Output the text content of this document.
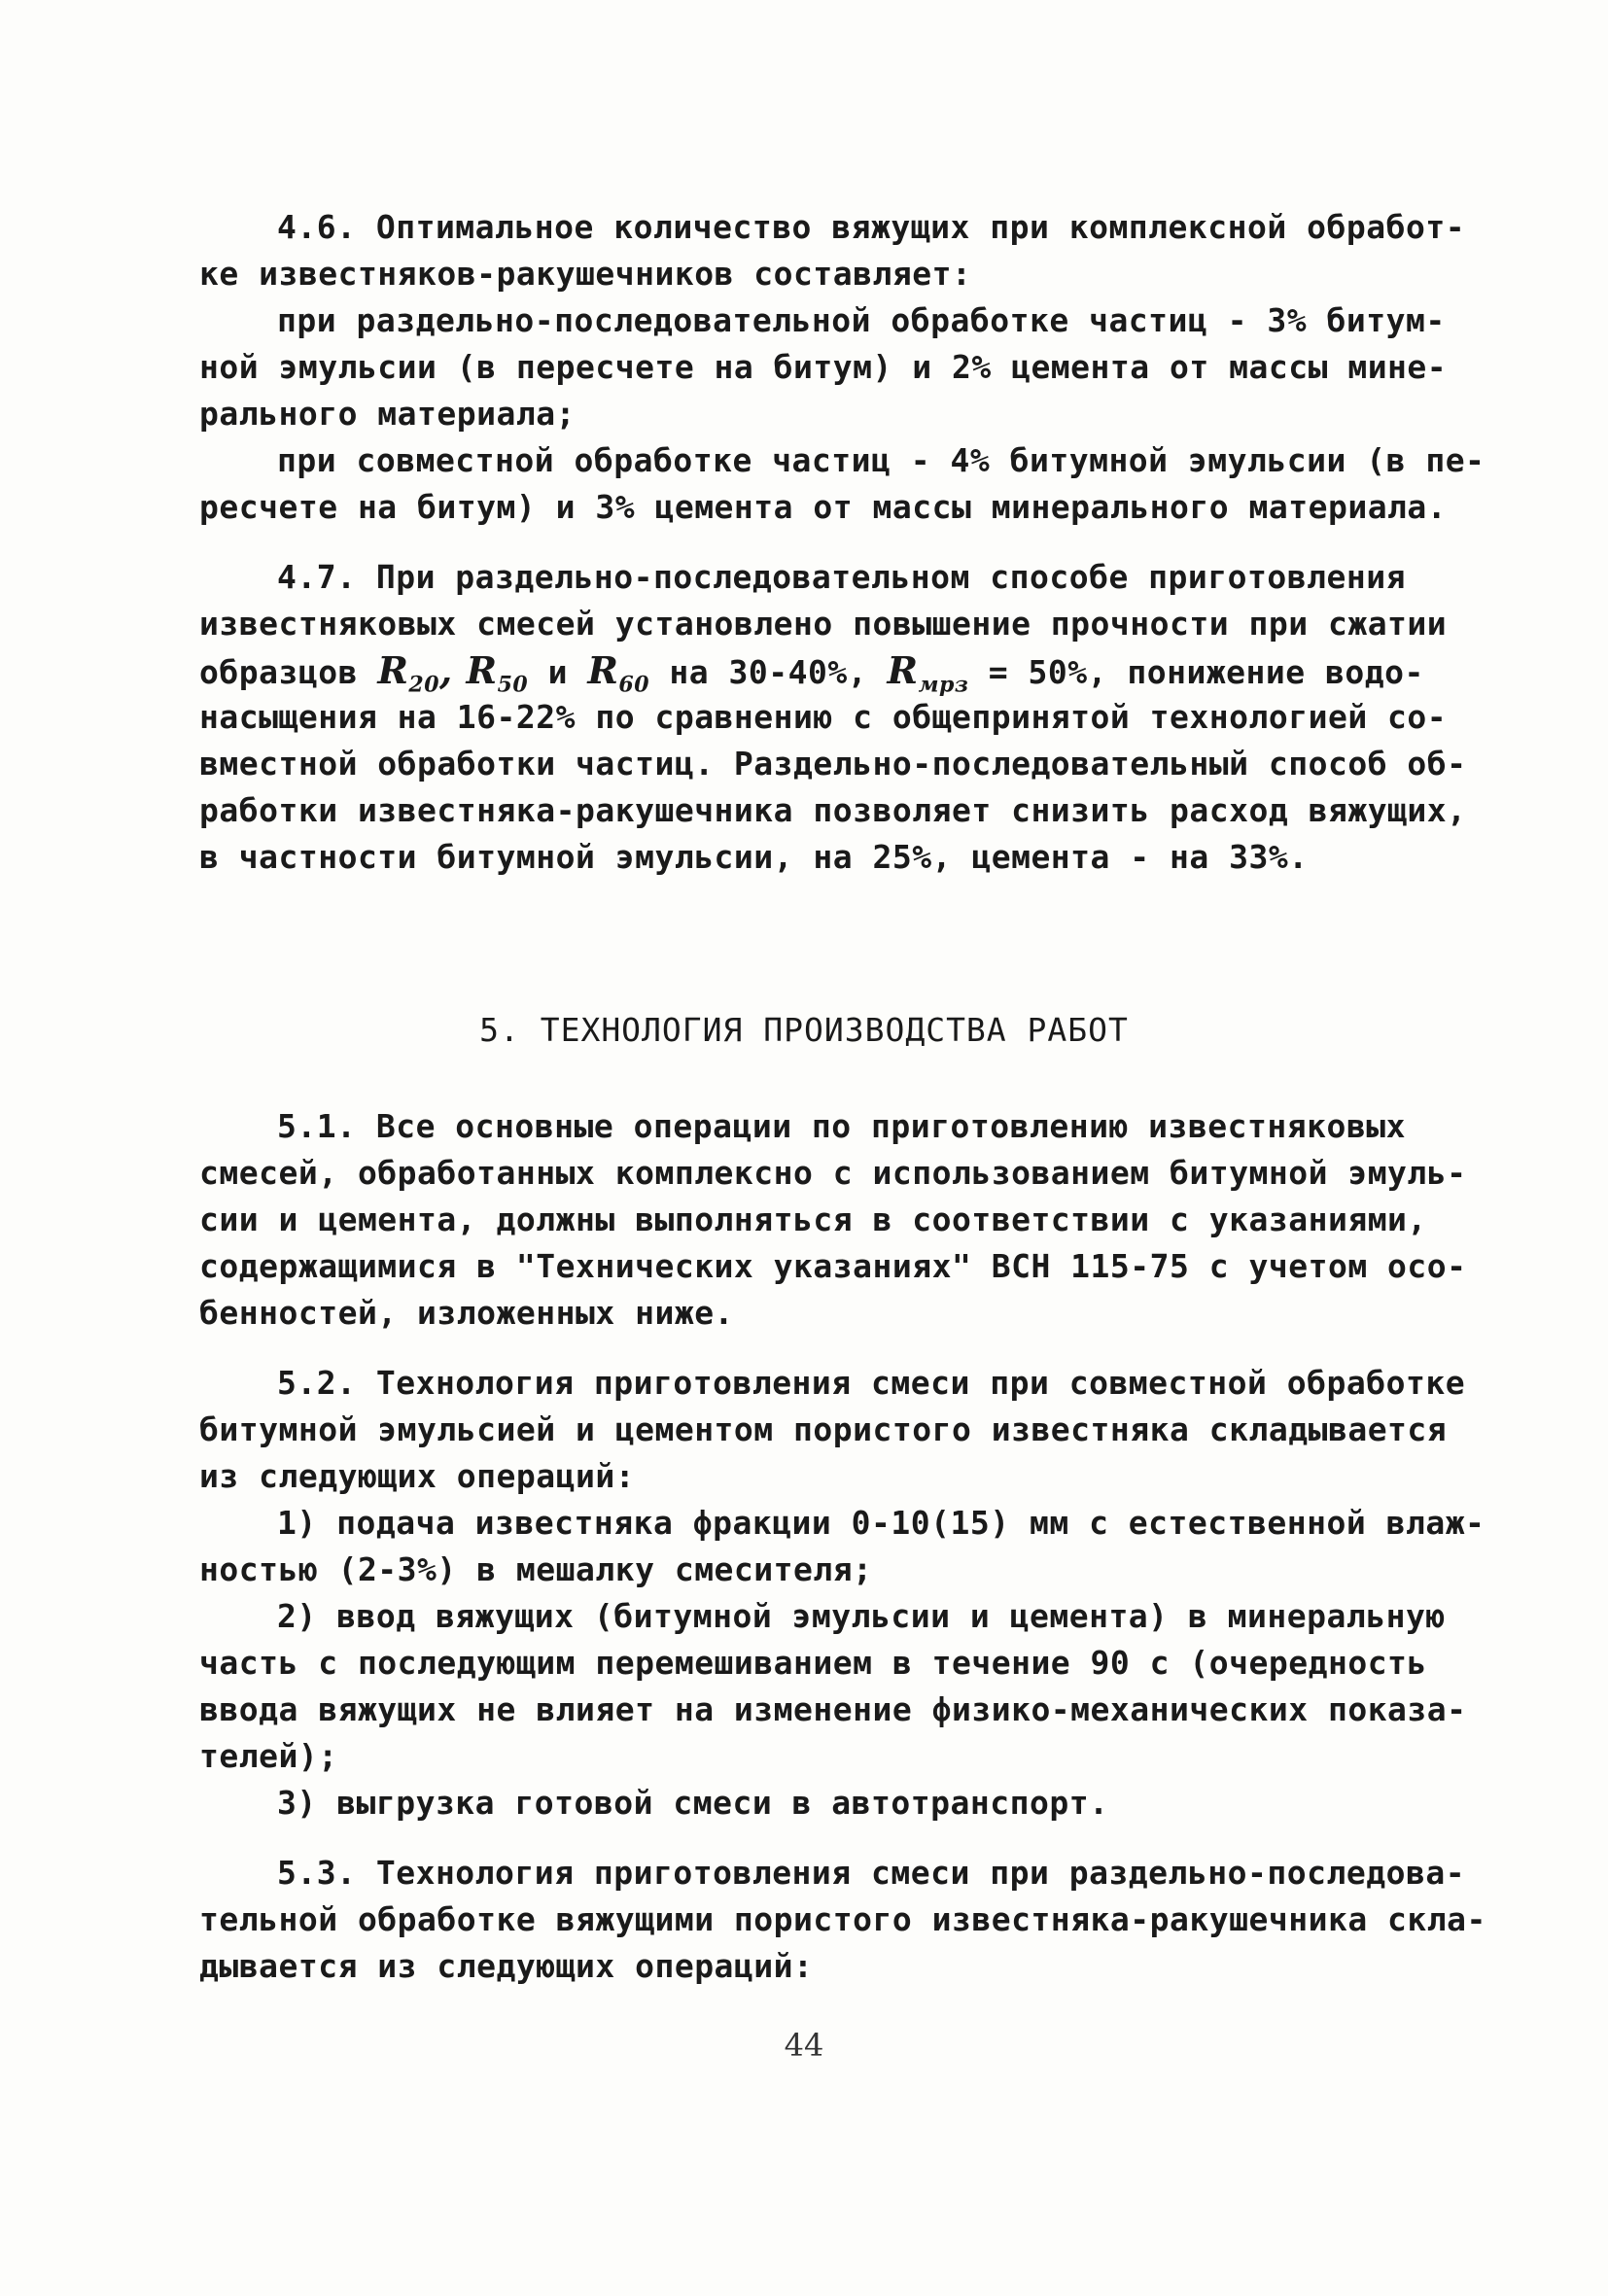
4.6. Оптимальное количество вяжущих при комплексной обработ-
ке известняков-ракушечников составляет:
при раздельно-последовательной обработке частиц - 3% битум-
ной эмульсии (в пересчете на битум) и 2% цемента от массы мине-
рального материала;
при совместной обработке частиц - 4% битумной эмульсии (в пе-
ресчете на битум) и 3% цемента от массы минерального материала.
4.7. При раздельно-последовательном способе приготовления
известняковых смесей установлено повышение прочности при сжатии
образцов $R_{20}$, $R_{50}$ и $R_{60}$ на 30-40%, $R_{мрз} = 50\%$, понижение водо-
насыщения на 16-22% по сравнению с общепринятой технологией со-
вместной обработки частиц. Раздельно-последовательный способ об-
работки известняка-ракушечника позволяет снизить расход вяжущих,
в частности битумной эмульсии, на 25%, цемента - на 33%.
5. ТЕХНОЛОГИЯ ПРОИЗВОДСТВА РАБОТ
5.1. Все основные операции по приготовлению известняковых
смесей, обработанных комплексно с использованием битумной эмуль-
сии и цемента, должны выполняться в соответствии с указаниями,
содержащимися в "Технических указаниях" ВСН 115-75 с учетом осо-
бенностей, изложенных ниже.
5.2. Технология приготовления смеси при совместной обработке
битумной эмульсией и цементом пористого известняка складывается
из следующих операций:
1) подача известняка фракции 0-10(15) мм с естественной влаж-
ностью (2-3%) в мешалку смесителя;
2) ввод вяжущих (битумной эмульсии и цемента) в минеральную
часть с последующим перемешиванием в течение 90 с (очередность
ввода вяжущих не влияет на изменение физико-механических показа-
телей);
3) выгрузка готовой смеси в автотранспорт.
5.3. Технология приготовления смеси при раздельно-последова-
тельной обработке вяжущими пористого известняка-ракушечника скла-
дывается из следующих операций:
44
